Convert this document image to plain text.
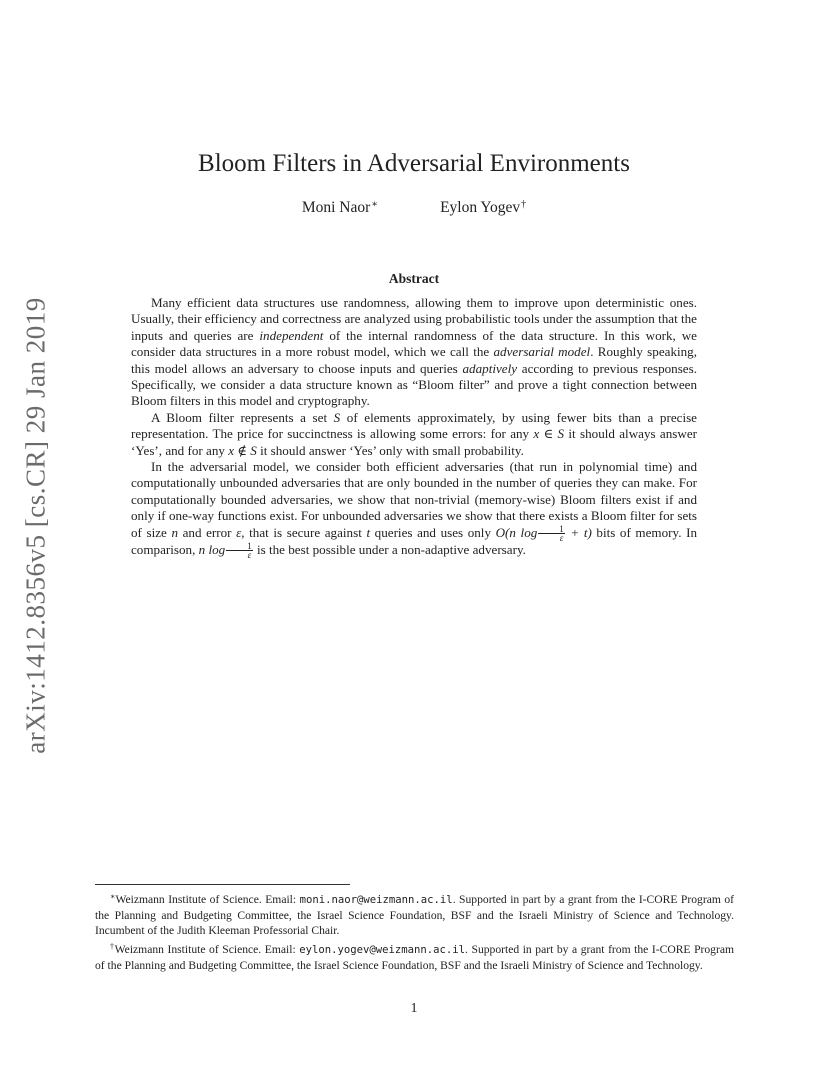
arXiv:1412.8356v5 [cs.CR] 29 Jan 2019
Bloom Filters in Adversarial Environments
Moni Naor∗	Eylon Yogev†
Abstract

Many efficient data structures use randomness, allowing them to improve upon deterministic ones. Usually, their efficiency and correctness are analyzed using probabilistic tools under the assumption that the inputs and queries are independent of the internal randomness of the data structure. In this work, we consider data structures in a more robust model, which we call the adversarial model. Roughly speaking, this model allows an adversary to choose inputs and queries adaptively according to previous responses. Specifically, we consider a data structure known as “Bloom filter” and prove a tight connection between Bloom filters in this model and cryptography.

A Bloom filter represents a set S of elements approximately, by using fewer bits than a precise representation. The price for succinctness is allowing some errors: for any x ∈ S it should always answer ‘Yes’, and for any x ∉ S it should answer ‘Yes’ only with small probability.

In the adversarial model, we consider both efficient adversaries (that run in polynomial time) and computationally unbounded adversaries that are only bounded in the number of queries they can make. For computationally bounded adversaries, we show that non-trivial (memory-wise) Bloom filters exist if and only if one-way functions exist. For unbounded adversaries we show that there exists a Bloom filter for sets of size n and error ε, that is secure against t queries and uses only O(n $\log \frac{1}{\varepsilon} + t$) bits of memory. In comparison, n $\log \frac{1}{\varepsilon}$ is the best possible under a non-adaptive adversary.

∗Weizmann Institute of Science. Email: moni.naor@weizmann.ac.il. Supported in part by a grant from the I-CORE Program of the Planning and Budgeting Committee, the Israel Science Foundation, BSF and the Israeli Ministry of Science and Technology. Incumbent of the Judith Kleeman Professorial Chair.

†Weizmann Institute of Science. Email: eylon.yogev@weizmann.ac.il. Supported in part by a grant from the I-CORE Program of the Planning and Budgeting Committee, the Israel Science Foundation, BSF and the Israeli Ministry of Science and Technology.

1
